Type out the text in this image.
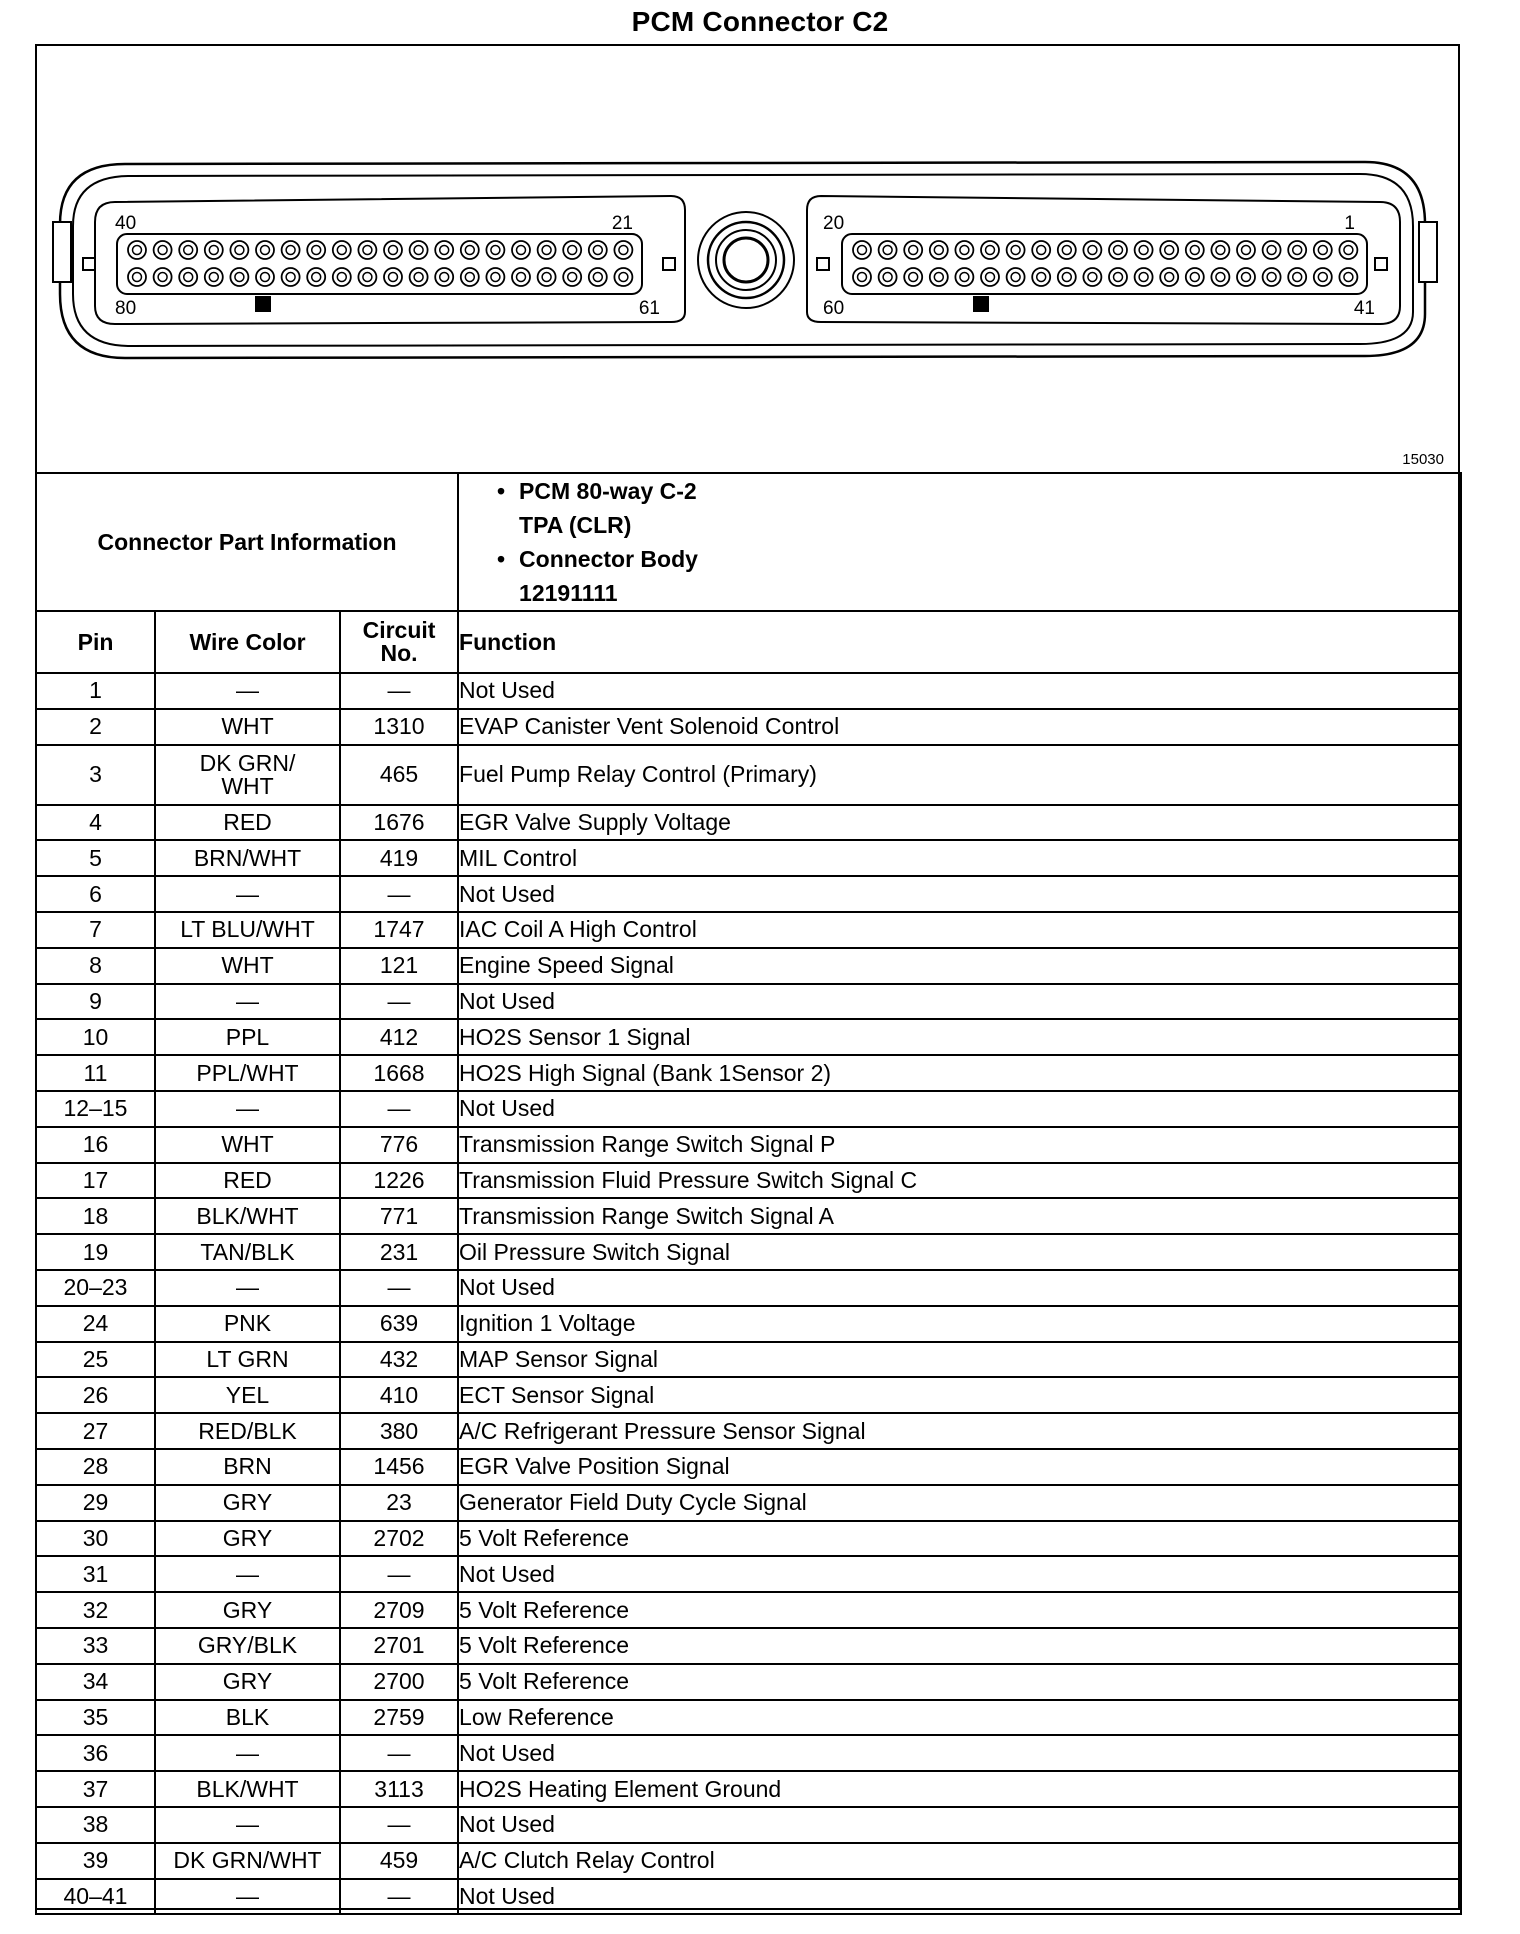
PCM Connector C2
40	21
80	61
20	1
60	41
15030
Connector Part Information			• PCM 80-way C-2
TPA (CLR)
• Connector Body
12191111

Pin	Wire Color	Circuit
No.	Function
1	—	—	Not Used
2	WHT	1310	EVAP Canister Vent Solenoid Control
3	DK GRN/
WHT	465	Fuel Pump Relay Control (Primary)
4	RED	1676	EGR Valve Supply Voltage
5	BRN/WHT	419	MIL Control
6	—	—	Not Used
7	LT BLU/WHT	1747	IAC Coil A High Control
8	WHT	121	Engine Speed Signal
9	—	—	Not Used
10	PPL	412	HO2S Sensor 1 Signal
11	PPL/WHT	1668	HO2S High Signal (Bank 1Sensor 2)
12–15	—	—	Not Used
16	WHT	776	Transmission Range Switch Signal P
17	RED	1226	Transmission Fluid Pressure Switch Signal C
18	BLK/WHT	771	Transmission Range Switch Signal A
19	TAN/BLK	231	Oil Pressure Switch Signal
20–23	—	—	Not Used
24	PNK	639	Ignition 1 Voltage
25	LT GRN	432	MAP Sensor Signal
26	YEL	410	ECT Sensor Signal
27	RED/BLK	380	A/C Refrigerant Pressure Sensor Signal
28	BRN	1456	EGR Valve Position Signal
29	GRY	23	Generator Field Duty Cycle Signal
30	GRY	2702	5 Volt Reference
31	—	—	Not Used
32	GRY	2709	5 Volt Reference
33	GRY/BLK	2701	5 Volt Reference
34	GRY	2700	5 Volt Reference
35	BLK	2759	Low Reference
36	—	—	Not Used
37	BLK/WHT	3113	HO2S Heating Element Ground
38	—	—	Not Used
39	DK GRN/WHT	459	A/C Clutch Relay Control
40–41	—	—	Not Used
